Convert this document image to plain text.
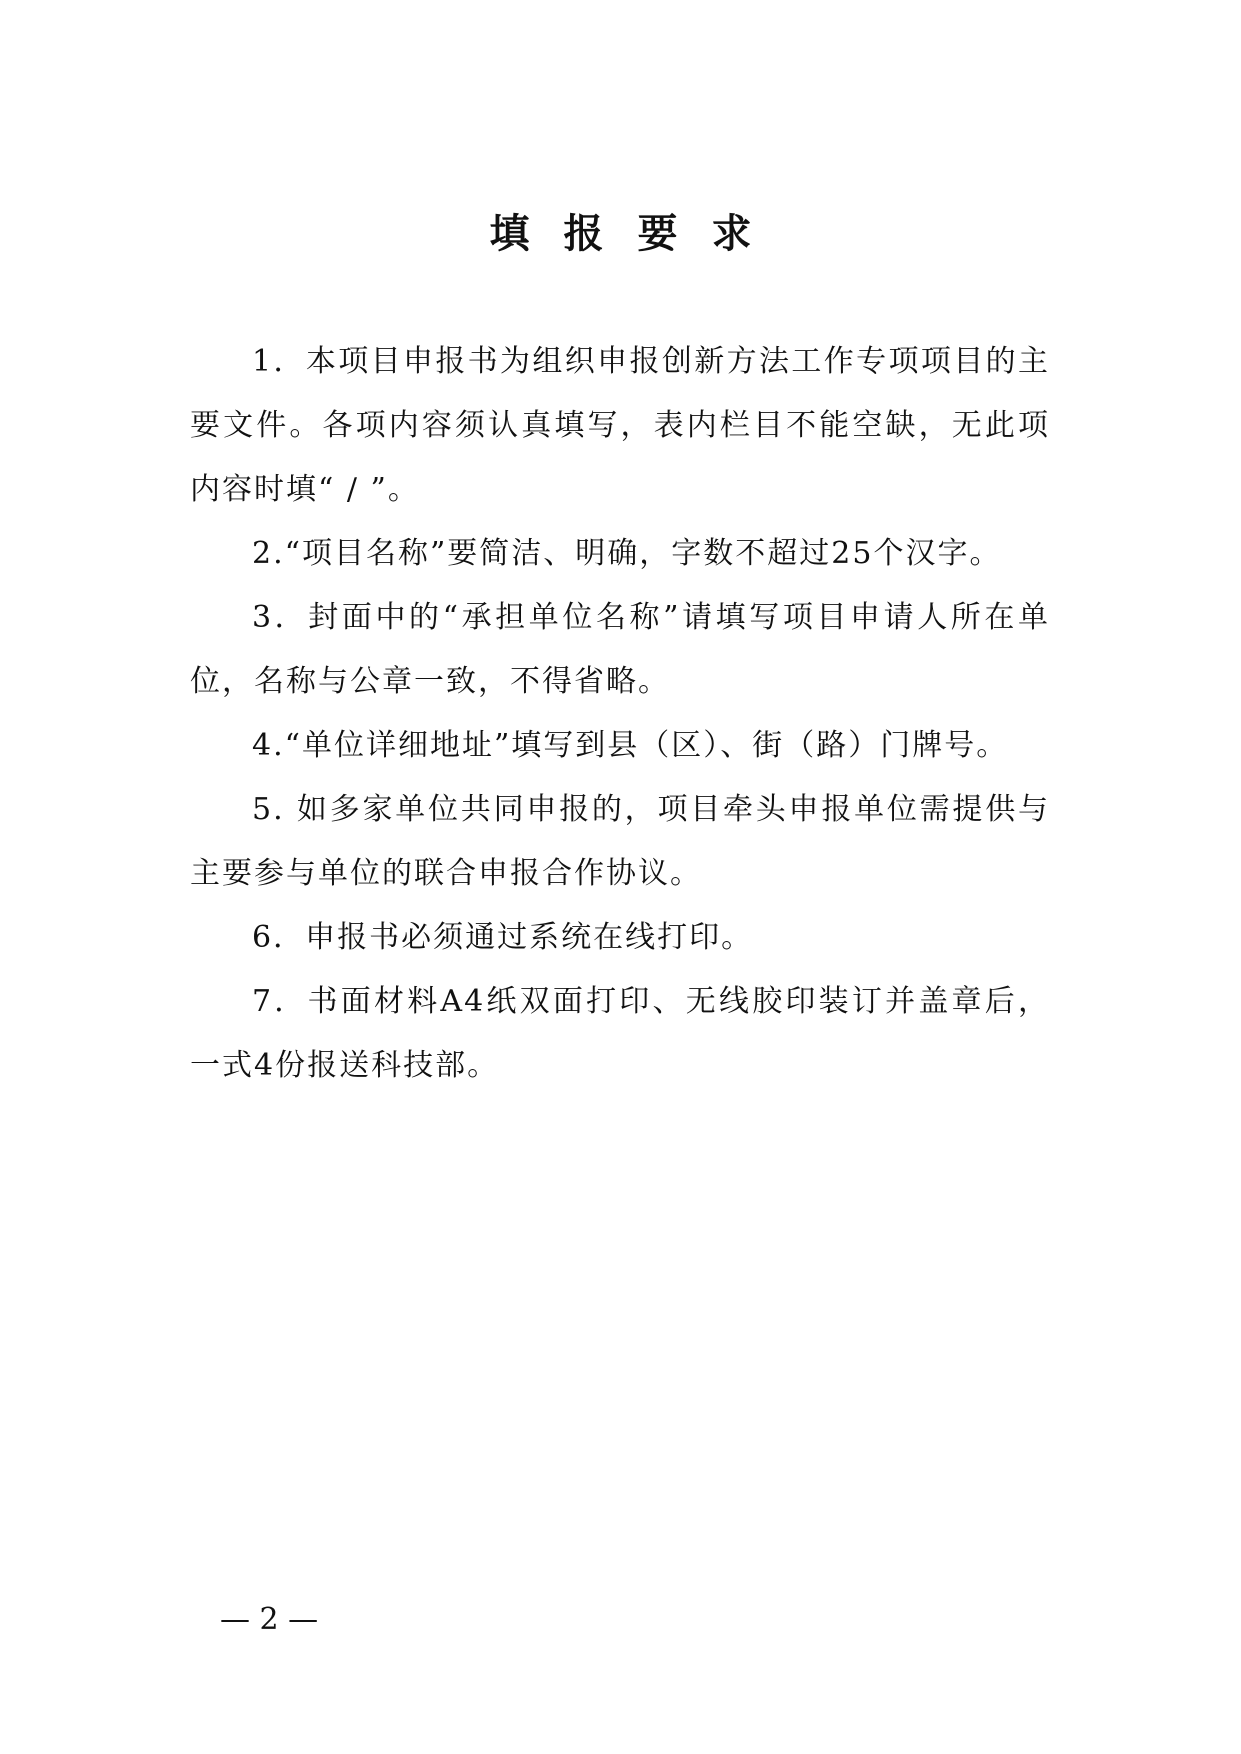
填报要求

1．本项目申报书为组织申报创新方法工作专项项目的主要文件。各项内容须认真填写，表内栏目不能空缺，无此项内容时填“ / ”。

2.“项目名称”要简洁、明确，字数不超过25个汉字。

3．封面中的“承担单位名称”请填写项目申请人所在单位，名称与公章一致，不得省略。

4.“单位详细地址”填写到县（区）、街（路）门牌号。

5. 如多家单位共同申报的，项目牵头申报单位需提供与主要参与单位的联合申报合作协议。

6．申报书必须通过系统在线打印。

7．书面材料A4纸双面打印、无线胶印装订并盖章后，一式4份报送科技部。

— 2 —
